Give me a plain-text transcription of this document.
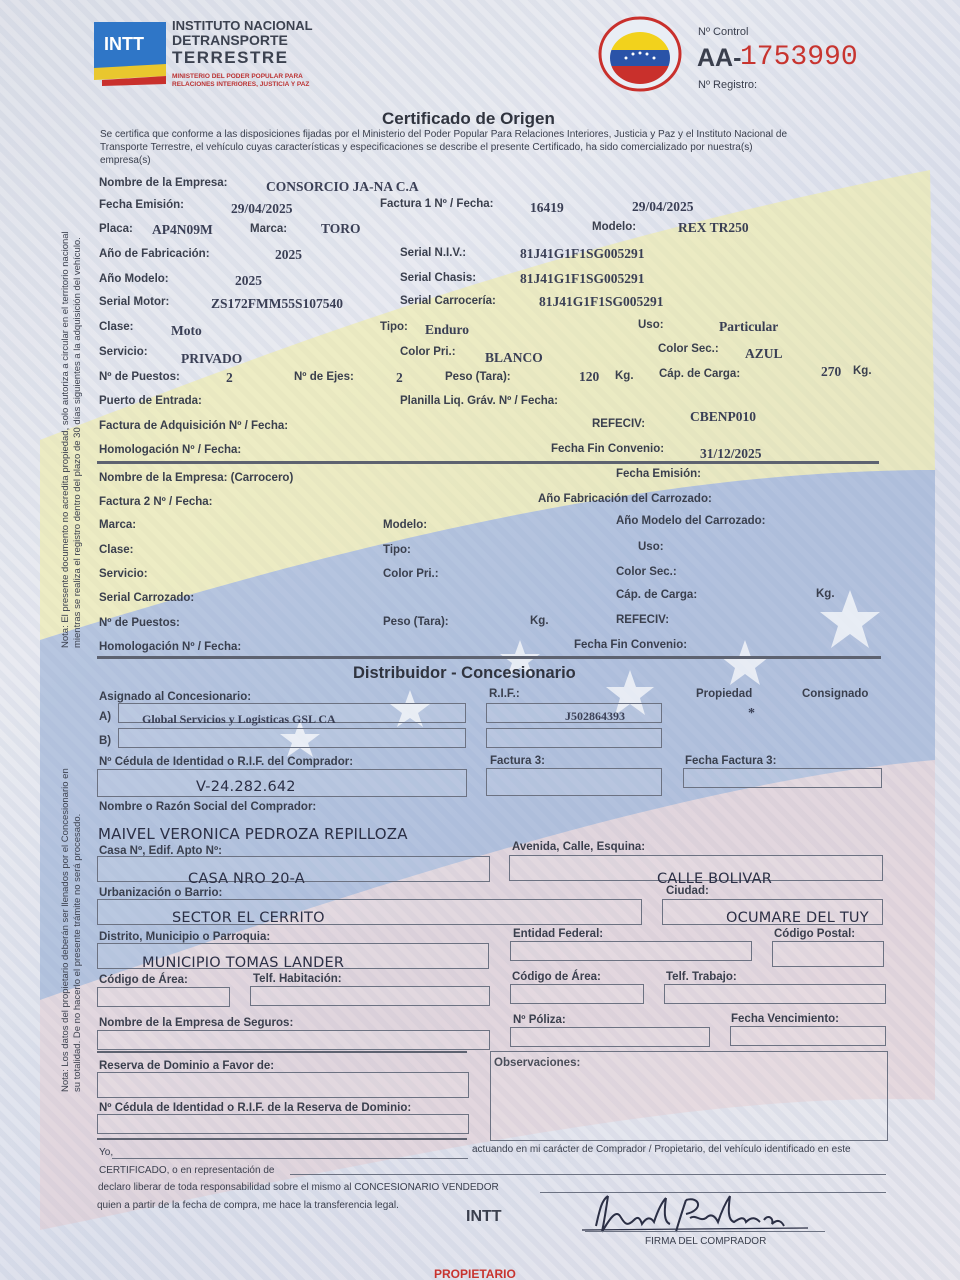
INTT
INSTITUTO NACIONAL
DETRANSPORTE
TERRESTRE
MINISTERIO DEL PODER POPULAR PARA
RELACIONES INTERIORES, JUSTICIA Y PAZ
Nº Control
AA-
1753990
Nº Registro:
Certificado de Origen
Se certifica que conforme a las disposiciones fijadas por el Ministerio del Poder Popular Para Relaciones Interiores, Justicia y Paz y el Instituto Nacional de
Transporte Terrestre, el vehículo cuyas características y especificaciones se describe el presente Certificado, ha sido comercializado por nuestra(s)
empresa(s)
Nombre de la Empresa:	CONSORCIO JA-NA C.A
Fecha Emisión:	29/04/2025	Factura 1 Nº / Fecha:	16419	29/04/2025
Placa: AP4N09M	Marca:	TORO	Modelo:	REX TR250
Año de Fabricación:	2025	Serial N.I.V.:	81J41G1F1SG005291
Año Modelo:	2025	Serial Chasis:	81J41G1F1SG005291
Serial Motor:	ZS172FMM55S107540	Serial Carrocería:	81J41G1F1SG005291
Clase:	Moto	Tipo: Enduro	Uso:	Particular
Servicio: PRIVADO	Color Pri.: BLANCO
Color Sec.: AZUL
Nº de Puestos:	2	Nº de Ejes:	2	Peso (Tara):	120 Kg. Cáp. de Carga:	270 Kg.
Puerto de Entrada:	Planilla Liq. Gráv. Nº / Fecha:
Factura de Adquisición Nº / Fecha:	REFECIV:	CBENP010
Homologación Nº / Fecha:	Fecha Fin Convenio:	31/12/2025
Nombre de la Empresa: (Carrocero)	Fecha Emisión:
Factura 2 Nº / Fecha:	Año Fabricación del Carrozado:
Marca:	Modelo:	Año Modelo del Carrozado:
Clase:	Tipo:	Uso:
Servicio:	Color Pri.:	Color Sec.:
Serial Carrozado:	Cáp. de Carga:	Kg.
Nº de Puestos:	Peso (Tara):	Kg.	REFECIV:
Homologación Nº / Fecha:	Fecha Fin Convenio:
Distribuidor - Concesionario
Asignado al Concesionario:	R.I.F.:	Propiedad	Consignado
A)	Global Servicios y Logisticas GSL CA	J502864393	*
B)
Nº Cédula de Identidad o R.I.F. del Comprador:
V-24.282.642
Factura 3:	Fecha Factura 3:
Nombre o Razón Social del Comprador:
MAIVEL VERONICA PEDROZA REPILLOZA
Casa Nº, Edif. Apto Nº:
CASA NRO 20-A
Avenida, Calle, Esquina:
CALLE BOLIVAR
Urbanización o Barrio:
SECTOR EL CERRITO
Ciudad:
OCUMARE DEL TUY
Distrito, Municipio o Parroquia:
MUNICIPIO TOMAS LANDER
Entidad Federal:	Código Postal:
Código de Área:	Telf. Habitación:	Código de Área:	Telf. Trabajo:
Nombre de la Empresa de Seguros:	Nº Póliza:	Fecha Vencimiento:
Reserva de Dominio a Favor de:	Observaciones:
Nº Cédula de Identidad o R.I.F. de la Reserva de Dominio:
Yo,	actuando en mi carácter de Comprador / Propietario, del vehículo identificado en este
CERTIFICADO, o en representación de
declaro liberar de toda responsabilidad sobre el mismo al CONCESIONARIO VENDEDOR
quien a partir de la fecha de compra, me hace la transferencia legal.
INTT
FIRMA DEL COMPRADOR
PROPIETARIO
Nota: El presente documento no acredita propiedad, solo autoriza a circular en el territorio nacional mientras se realiza el registro dentro del plazo de 30 días siguientes a la adquisición del vehículo.
Nota: Los datos del propietario deberán ser llenados por el Concesionario en su totalidad. De no hacerlo el presente trámite no será procesado.
